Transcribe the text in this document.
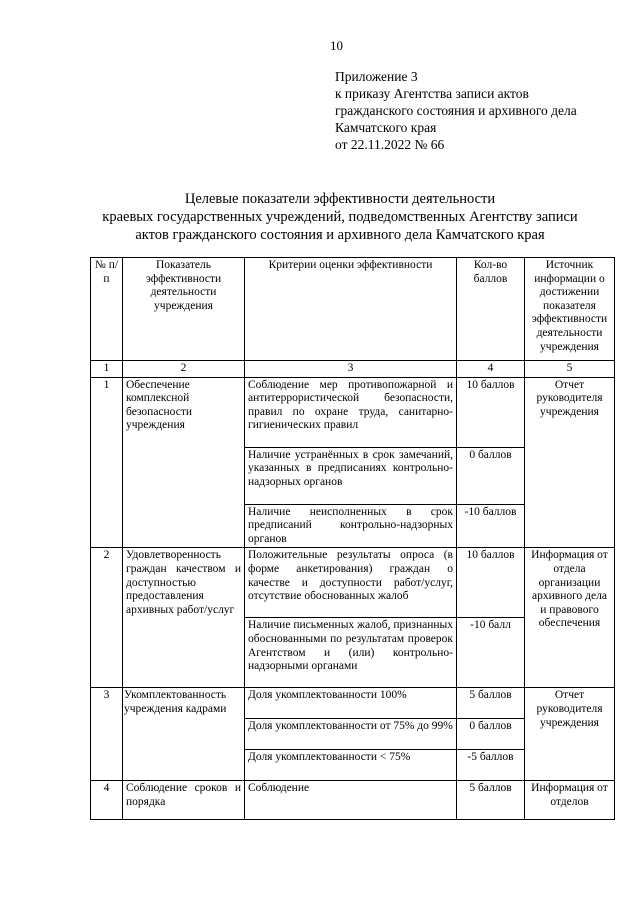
10
Приложение 3
к приказу Агентства записи актов
гражданского состояния и архивного дела
Камчатского края
от 22.11.2022 № 66
Целевые показатели эффективности деятельности
краевых государственных учреждений, подведомственных Агентству записи
актов гражданского состояния и архивного дела Камчатского края
№ п/п	Показатель эффективности деятельности учреждения	Критерии оценки эффективности	Кол-во баллов	Источник информации о достижении показателя эффективности деятельности учреждения
1	2	3	4	5
1	Обеспечение комплексной безопасности учреждения	Соблюдение мер противопожарной и антитеррористической безопасности, правил по охране труда, санитарно-гигиенических правил	10 баллов	Отчет руководителя учреждения
		Наличие устранённых в срок замечаний, указанных в предписаниях контрольно-надзорных органов	0 баллов	
		Наличие неисполненных в срок предписаний контрольно-надзорных органов	-10 баллов	
2	Удовлетворенность граждан качеством и доступностью предоставления архивных работ/услуг	Положительные результаты опроса (в форме анкетирования) граждан о качестве и доступности работ/услуг, отсутствие обоснованных жалоб	10 баллов	Информация от отдела организации архивного дела и правового обеспечения
		Наличие письменных жалоб, признанных обоснованными по результатам проверок Агентством и (или) контрольно-надзорными органами	-10 балл	
3	Укомплектованность учреждения кадрами	Доля укомплектованности 100%	5 баллов	Отчет руководителя учреждения
		Доля укомплектованности от 75% до 99%	0 баллов	
		Доля укомплектованности < 75%	-5 баллов	
4	Соблюдение сроков и порядка	Соблюдение	5 баллов	Информация от отделов
